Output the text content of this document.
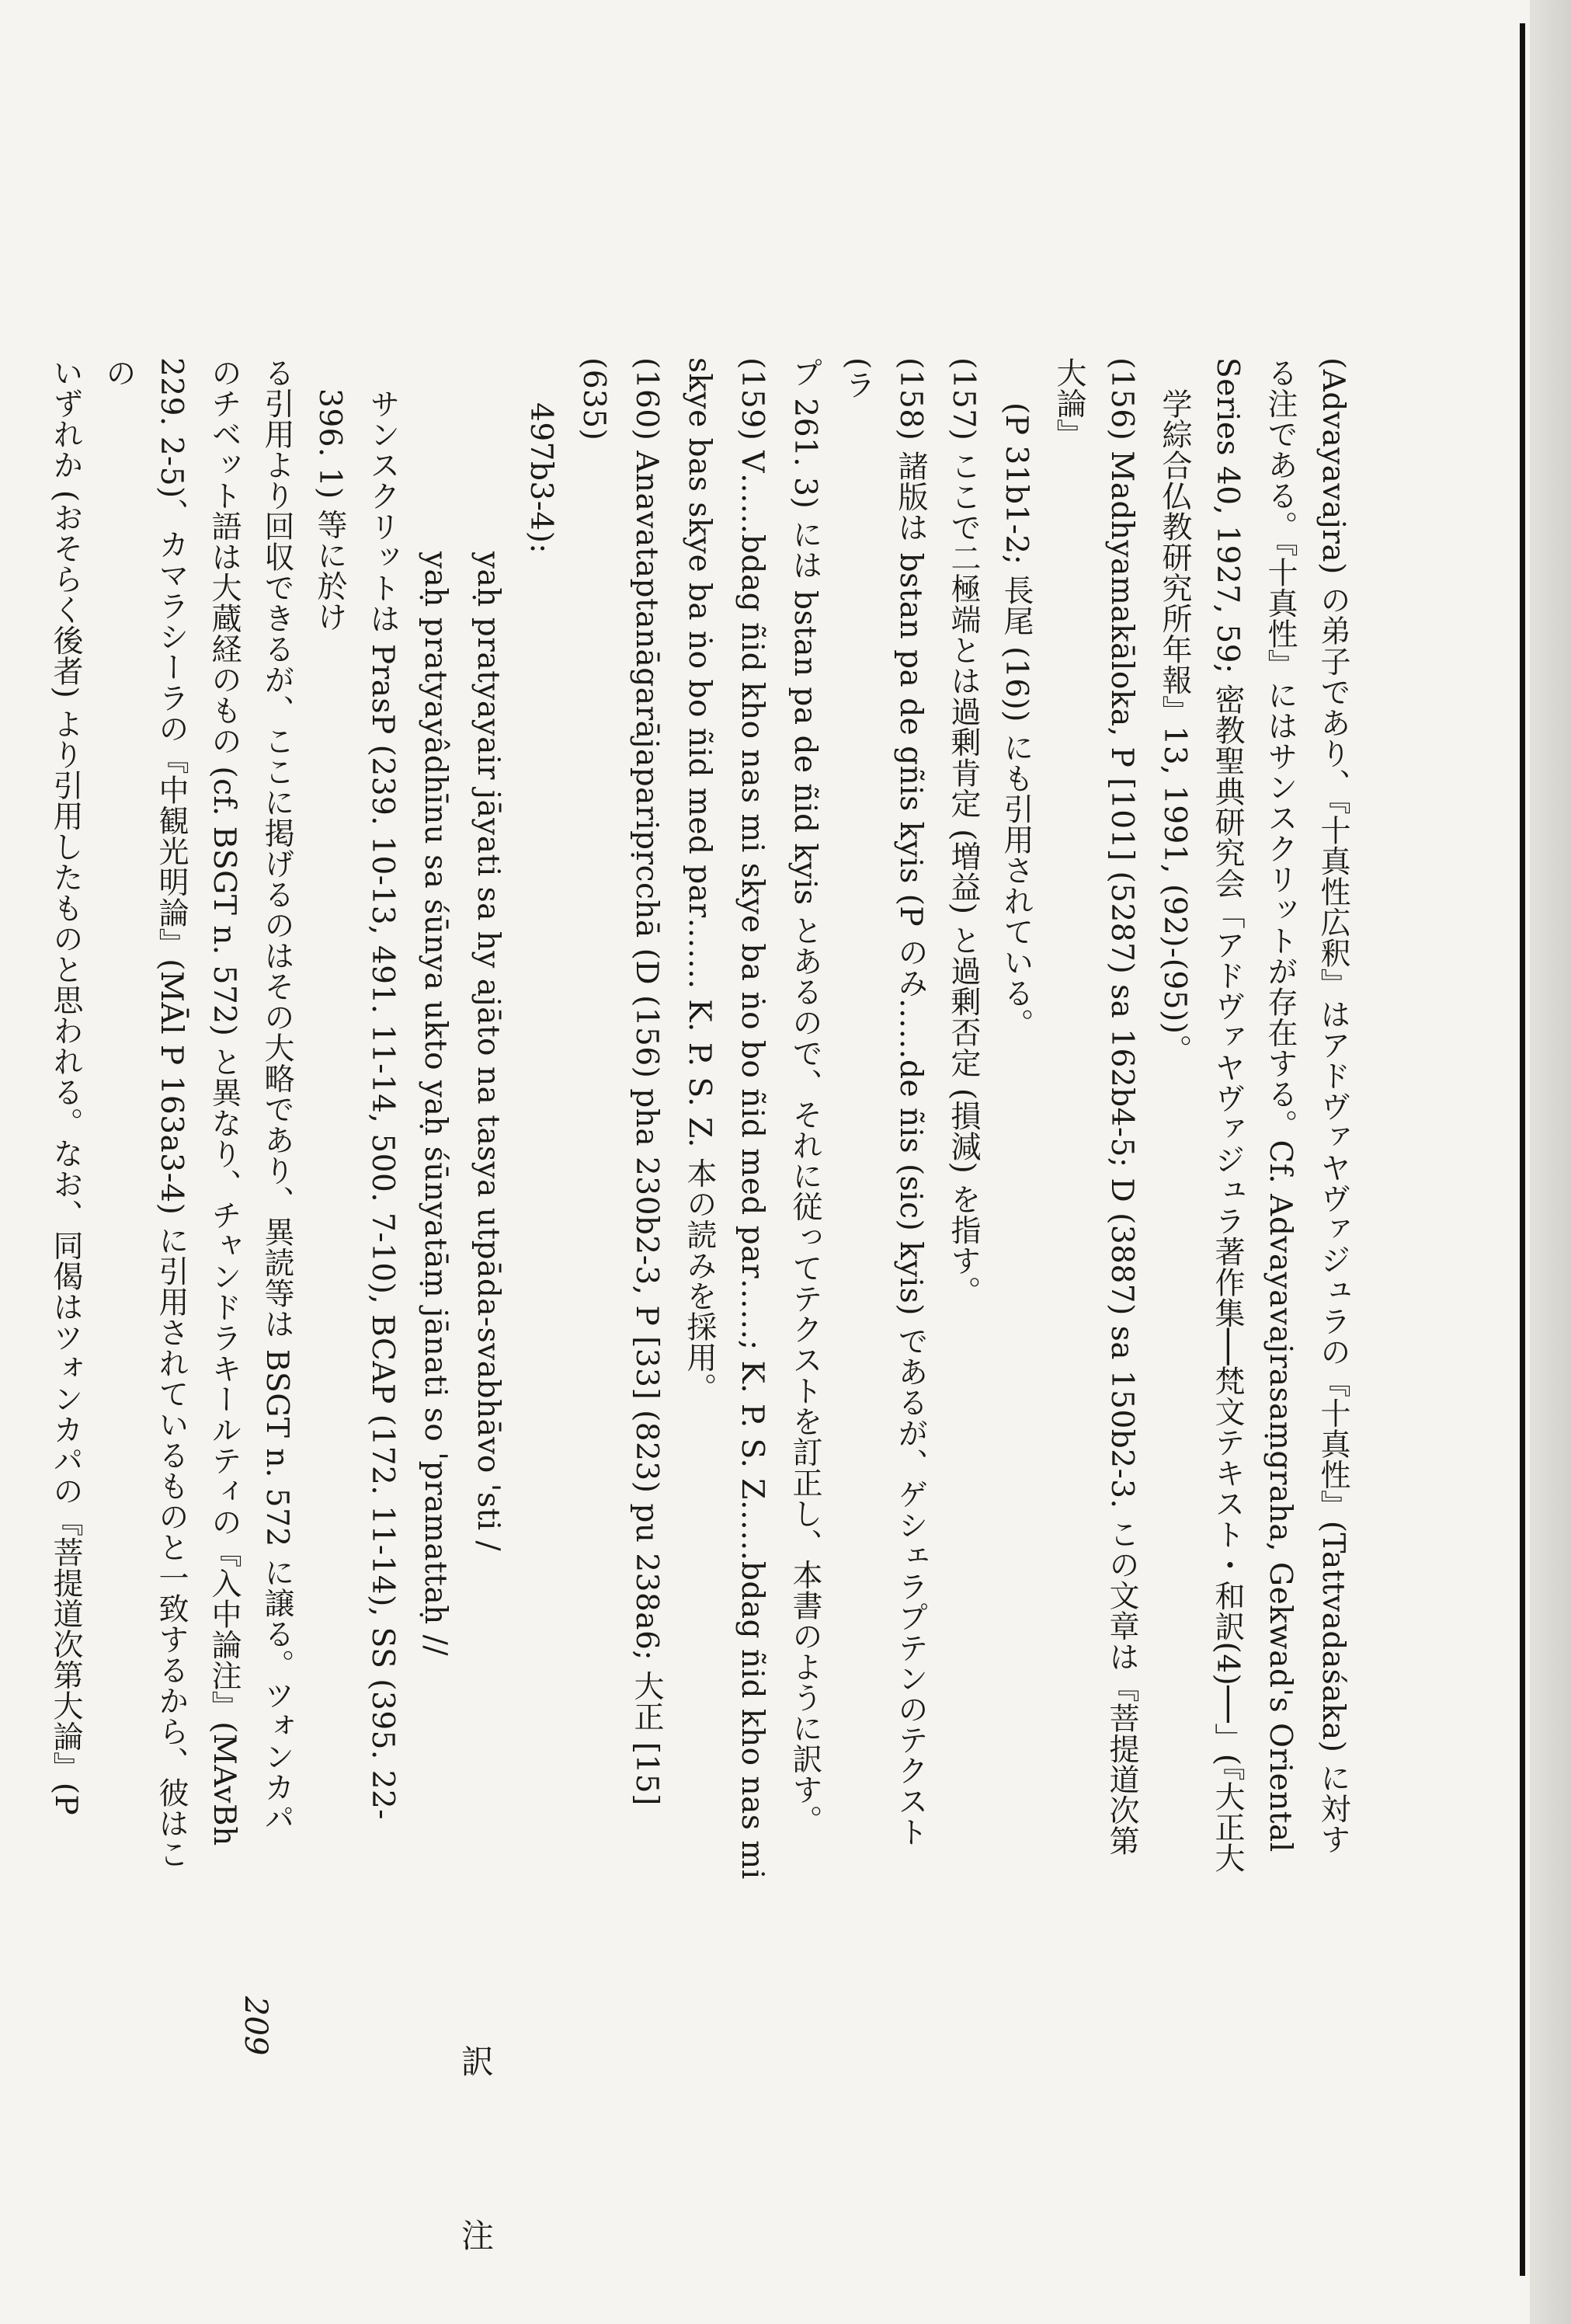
(Advayavajra) の弟子であり、『十真性広釈』はアドヴァヤヴァジュラの『十真性』(Tattvadaśaka) に対す
る注である。『十真性』にはサンスクリットが存在する。Cf. Advayavajrasaṃgraha, Gekwad's Oriental
Series 40, 1927, 59; 密教聖典研究会「アドヴァヤヴァジュラ著作集──梵文テキスト・和訳(4)──」(『大正大
学綜合仏教研究所年報』13, 1991, (92)-(95))。
(156) Madhyamakāloka, P [101] (5287) sa 162b4-5; D (3887) sa 150b2-3. この文章は『菩提道次第大論』
(P 31b1-2; 長尾 (16)) にも引用されている。
(157) ここで二極端とは過剰肯定 (増益) と過剰否定 (損減) を指す。
(158) 諸版は bstan pa de gñis kyis (P のみ……de ñis (sic) kyis) であるが、ゲシェラプテンのテクスト (ラ
プ 261. 3) には bstan pa de ñid kyis とあるので、それに従ってテクストを訂正し、本書のように訳す。
(159) V……bdag ñid kho nas mi skye ba ṅo bo ñid med par……; K. P. S. Z……bdag ñid kho nas mi
skye bas skye ba ṅo bo ñid med par……. K. P. S. Z. 本の読みを採用。
(160) Anavataptanāgarājaparipṛcchā (D (156) pha 230b2-3, P [33] (823) pu 238a6; 大正 [15] (635)
497b3-4):
yaḥ pratyayair jāyati sa hy ajāto na tasya utpāda-svabhāvo 'sti /
yaḥ pratyayâdhīnu sa śūnya ukto yaḥ śūnyatāṃ jānati so 'pramattaḥ //
サンスクリットは PrasP (239. 10-13, 491. 11-14, 500. 7-10), BCAP (172. 11-14), SS (395. 22-396. 1) 等に於け
る引用より回収できるが、ここに掲げるのはその大略であり、異読等は BSGT n. 572 に譲る。ツォンカパ
のチベット語は大蔵経のもの (cf. BSGT n. 572) と異なり、チャンドラキールティの『入中論注』(MAvBh
229. 2-5)、カマラシーラの『中観光明論』(MĀl P 163a3-4) に引用されているものと一致するから、彼はこの
いずれか (おそらく後者) より引用したものと思われる。なお、同偈はツォンカパの『菩提道次第大論』(P
209
訳　注
